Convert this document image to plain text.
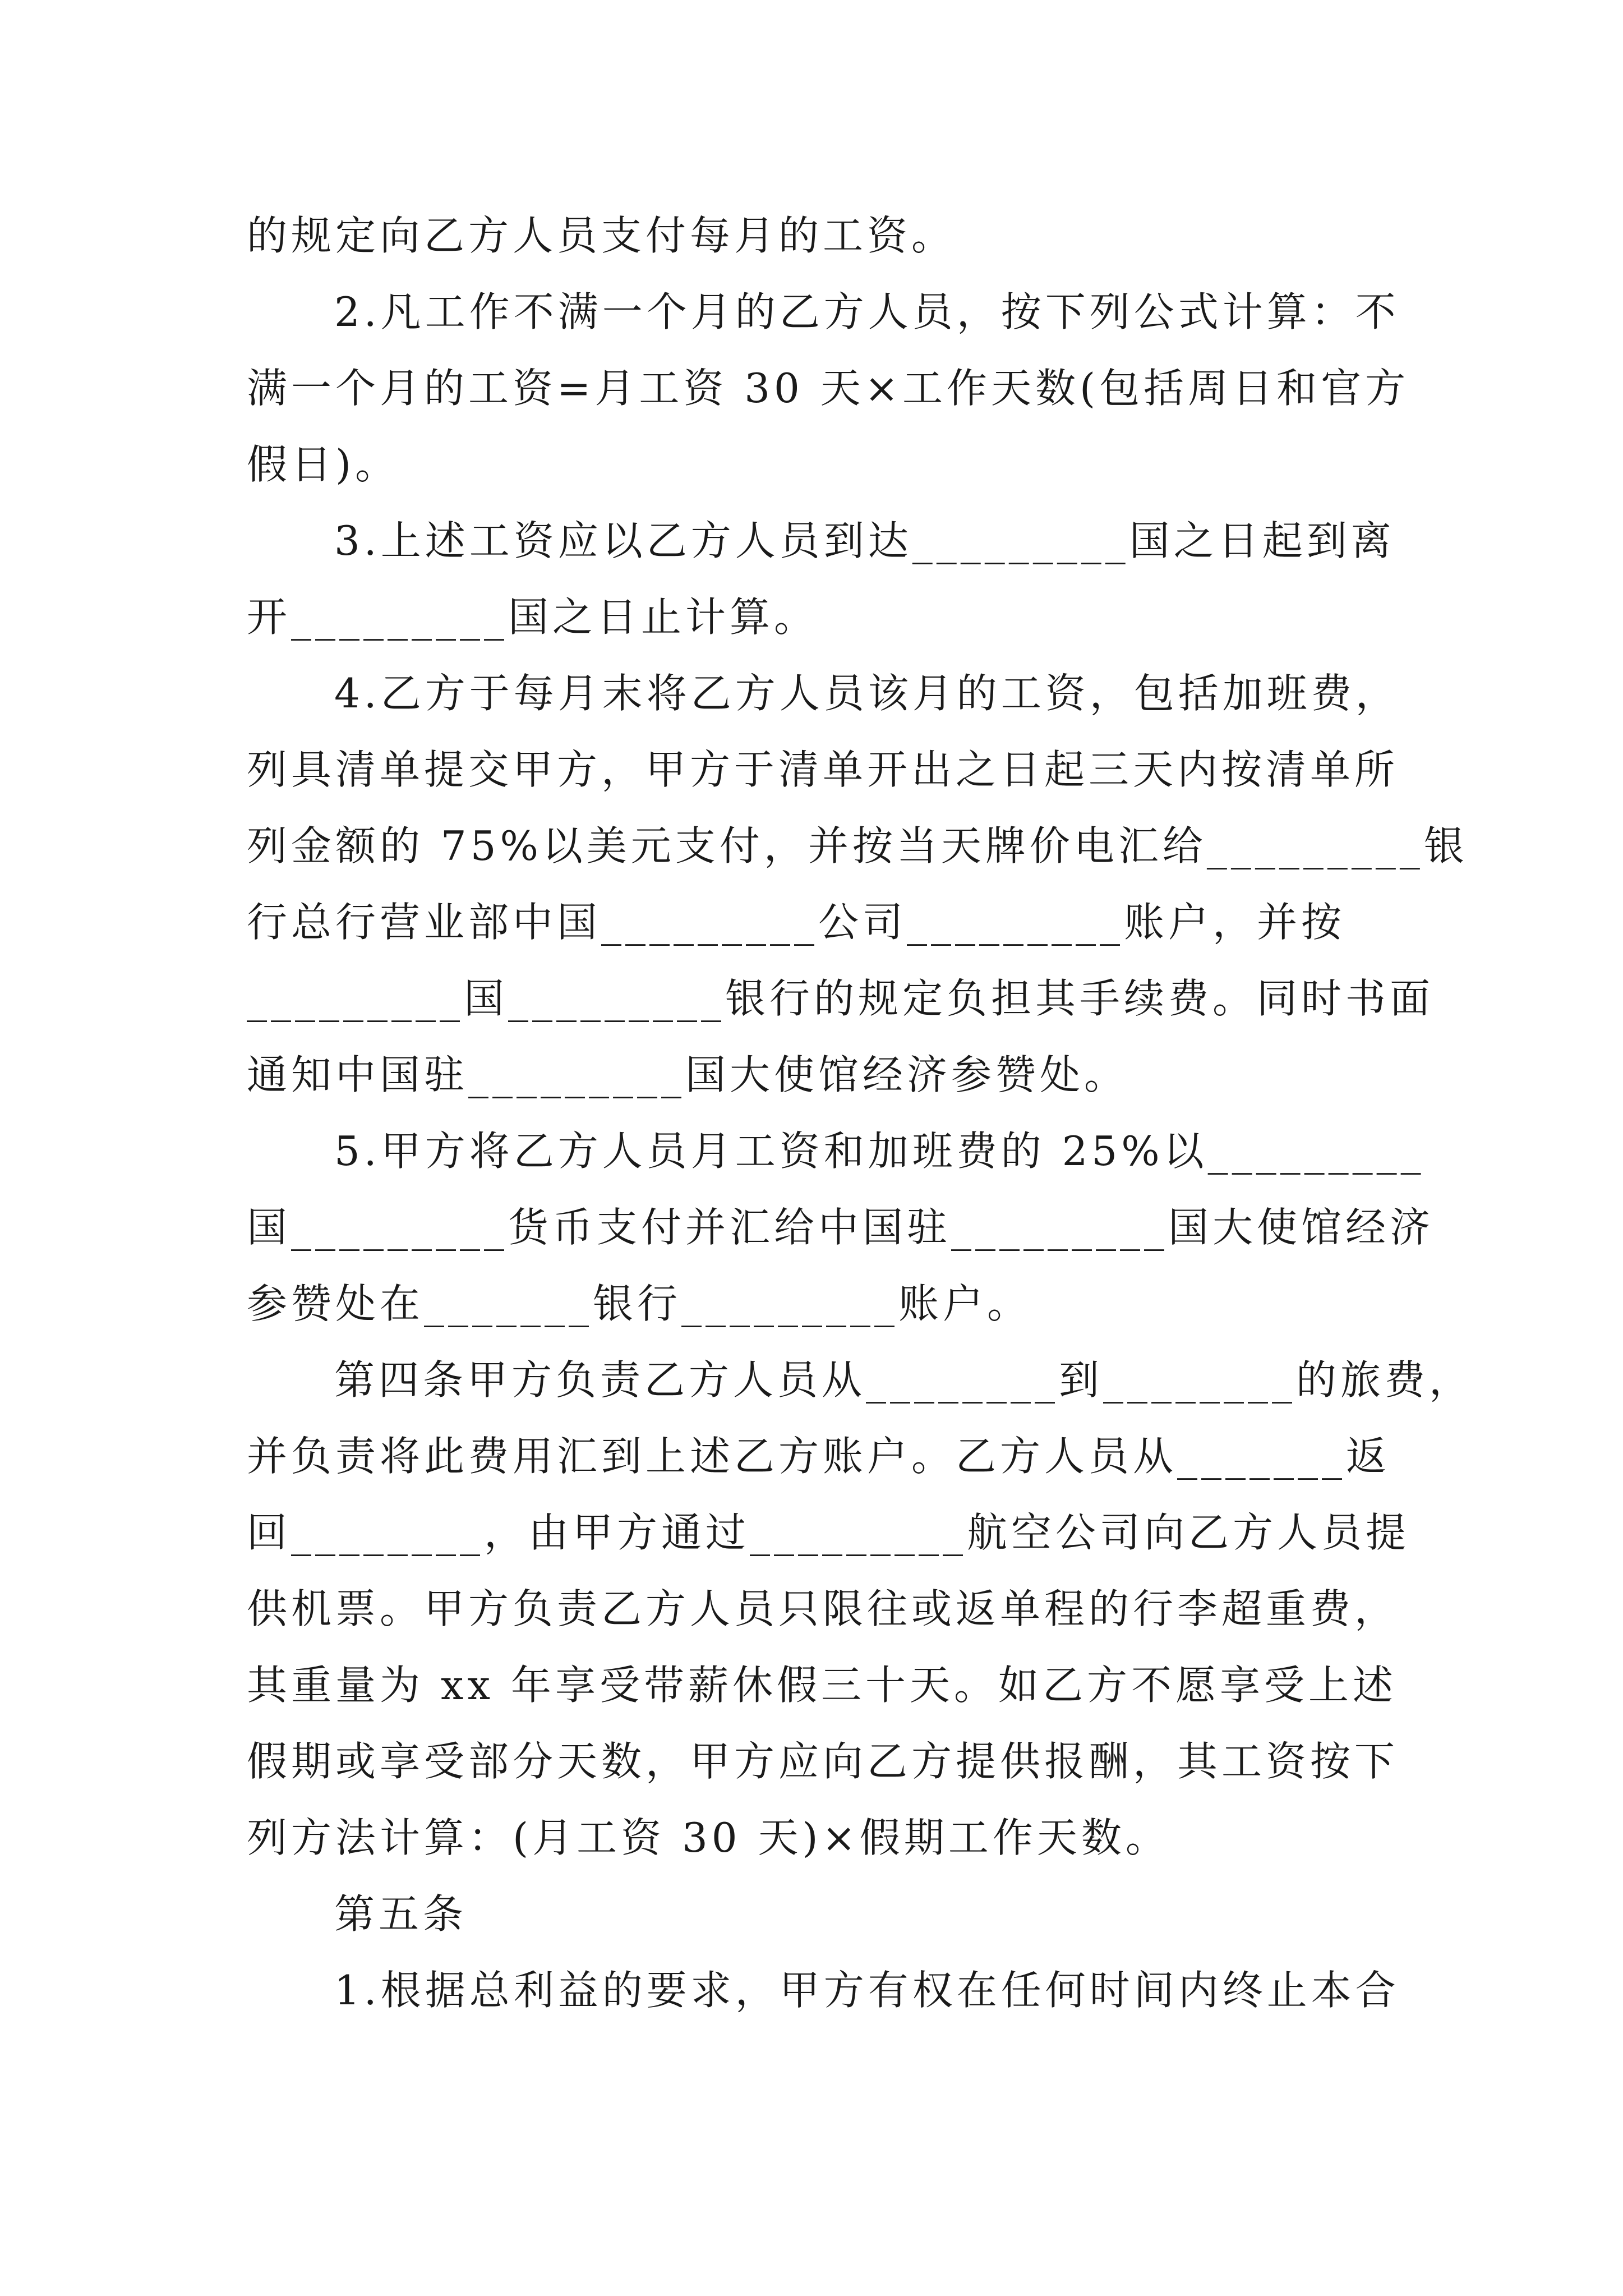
的规定向乙方人员支付每月的工资。
2.凡工作不满一个月的乙方人员，按下列公式计算：不
满一个月的工资=月工资 30 天×工作天数(包括周日和官方
假日)。
3.上述工资应以乙方人员到达_________国之日起到离
开_________国之日止计算。
4.乙方于每月末将乙方人员该月的工资，包括加班费，
列具清单提交甲方，甲方于清单开出之日起三天内按清单所
列金额的 75%以美元支付，并按当天牌价电汇给_________银
行总行营业部中国_________公司_________账户，并按
_________国_________银行的规定负担其手续费。同时书面
通知中国驻_________国大使馆经济参赞处。
5.甲方将乙方人员月工资和加班费的 25%以_________
国_________货币支付并汇给中国驻_________国大使馆经济
参赞处在_______银行_________账户。
第四条甲方负责乙方人员从________到________的旅费，
并负责将此费用汇到上述乙方账户。乙方人员从_______返
回________，由甲方通过_________航空公司向乙方人员提
供机票。甲方负责乙方人员只限往或返单程的行李超重费，
其重量为 xx 年享受带薪休假三十天。如乙方不愿享受上述
假期或享受部分天数，甲方应向乙方提供报酬，其工资按下
列方法计算：(月工资 30 天)×假期工作天数。
第五条
1.根据总利益的要求，甲方有权在任何时间内终止本合
